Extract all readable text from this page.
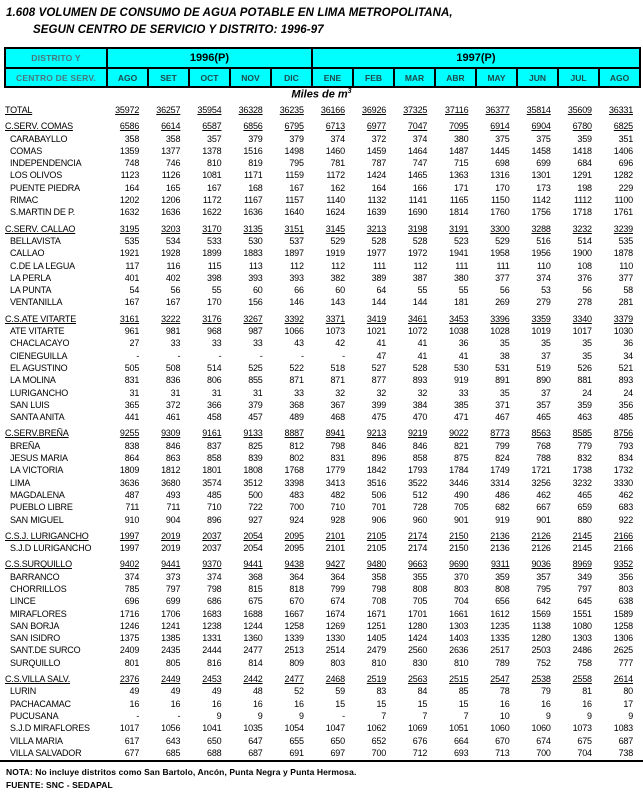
1.608 VOLUMEN DE CONSUMO DE AGUA POTABLE EN LIMA METROPOLITANA,
SEGUN CENTRO DE SERVICIO Y DISTRITO: 1996-97
DISTRITO Y	1996(P)	1997(P)
CENTRO DE SERV.	AGO	SET	OCT	NOV	DIC	ENE	FEB	MAR	ABR	MAY	JUN	JUL	AGO
Miles de $m^3$
TOTAL	35972	36257	35954	36328	36235	36166	36926	37325	37116	36377	35814	35609	36331
C.SERV. COMAS	6586	6614	6587	6856	6795	6713	6977	7047	7095	6914	6904	6780	6825
CARABAYLLO	358	358	357	379	379	374	372	374	380	375	375	359	351
COMAS	1359	1377	1378	1516	1498	1460	1459	1464	1487	1445	1458	1418	1406
INDEPENDENCIA	748	746	810	819	795	781	787	747	715	698	699	684	696
LOS OLIVOS	1123	1126	1081	1171	1159	1172	1424	1465	1363	1316	1301	1291	1282
PUENTE PIEDRA	164	165	167	168	167	162	164	166	171	170	173	198	229
RIMAC	1202	1206	1172	1167	1157	1140	1132	1141	1165	1150	1142	1112	1100
S.MARTIN DE P.	1632	1636	1622	1636	1640	1624	1639	1690	1814	1760	1756	1718	1761
C.SERV. CALLAO	3195	3203	3170	3135	3151	3145	3213	3198	3191	3300	3288	3232	3239
BELLAVISTA	535	534	533	530	537	529	528	528	523	529	516	514	535
CALLAO	1921	1928	1899	1883	1897	1919	1977	1972	1941	1958	1956	1900	1878
C.DE LA LEGUA	117	116	115	113	112	112	111	112	111	111	110	108	110
LA PERLA	401	402	398	393	393	382	389	387	380	377	374	376	377
LA PUNTA	54	56	55	60	66	60	64	55	55	56	53	56	58
VENTANILLA	167	167	170	156	146	143	144	144	181	269	279	278	281
C.S.ATE VITARTE	3161	3222	3176	3267	3392	3371	3419	3461	3453	3396	3359	3340	3379
ATE VITARTE	961	981	968	987	1066	1073	1021	1072	1038	1028	1019	1017	1030
CHACLACAYO	27	33	33	33	43	42	41	41	36	35	35	35	36
CIENEGUILLA	-	-	-	-	-	-	47	41	41	38	37	35	34
EL AGUSTINO	505	508	514	525	522	518	527	528	530	531	519	526	521
LA MOLINA	831	836	806	855	871	871	877	893	919	891	890	881	893
LURIGANCHO	31	31	31	31	33	32	32	32	33	35	37	24	24
SAN LUIS	365	372	366	379	368	367	399	384	385	371	357	359	356
SANTA ANITA	441	461	458	457	489	468	475	470	471	467	465	463	485
C.SERV.BREÑA	9255	9309	9161	9133	8887	8941	9213	9219	9022	8773	8563	8585	8756
BREÑA	838	846	837	825	812	798	846	846	821	799	768	779	793
JESUS MARIA	864	863	858	839	802	831	896	858	875	824	788	832	834
LA VICTORIA	1809	1812	1801	1808	1768	1779	1842	1793	1784	1749	1721	1738	1732
LIMA	3636	3680	3574	3512	3398	3413	3516	3522	3446	3314	3256	3232	3330
MAGDALENA	487	493	485	500	483	482	506	512	490	486	462	465	462
PUEBLO LIBRE	711	711	710	722	700	710	701	728	705	682	667	659	683
SAN MIGUEL	910	904	896	927	924	928	906	960	901	919	901	880	922
C.S.J. LURIGANCHO	1997	2019	2037	2054	2095	2101	2105	2174	2150	2136	2126	2145	2166
S.J.D LURIGANCHO	1997	2019	2037	2054	2095	2101	2105	2174	2150	2136	2126	2145	2166
C.S.SURQUILLO	9402	9441	9370	9441	9438	9427	9480	9663	9690	9311	9036	8969	9352
BARRANCO	374	373	374	368	364	364	358	355	370	359	357	349	356
CHORRILLOS	785	797	798	815	818	799	798	808	803	808	795	797	803
LINCE	696	699	686	675	670	674	708	705	704	656	642	645	638
MIRAFLORES	1716	1706	1683	1688	1667	1674	1671	1701	1661	1612	1569	1551	1589
SAN BORJA	1246	1241	1238	1244	1258	1269	1251	1280	1303	1235	1138	1080	1258
SAN ISIDRO	1375	1385	1331	1360	1339	1330	1405	1424	1403	1335	1280	1303	1306
SANT.DE SURCO	2409	2435	2444	2477	2513	2514	2479	2560	2636	2517	2503	2486	2625
SURQUILLO	801	805	816	814	809	803	810	830	810	789	752	758	777
C.S.VILLA SALV.	2376	2449	2453	2442	2477	2468	2519	2563	2515	2547	2538	2558	2614
LURIN	49	49	49	48	52	59	83	84	85	78	79	81	80
PACHACAMAC	16	16	16	16	16	15	15	15	15	16	16	16	17
PUCUSANA	-	-	9	9	9	-	7	7	7	10	9	9	9
S.J.D MIRAFLORES	1017	1056	1041	1035	1054	1047	1062	1069	1051	1060	1060	1073	1083
VILLA MARIA	617	643	650	647	655	650	652	676	664	670	674	675	687
VILLA SALVADOR	677	685	688	687	691	697	700	712	693	713	700	704	738
NOTA: No incluye distritos como San Bartolo, Ancón, Punta Negra y Punta Hermosa.
FUENTE: SNC - SEDAPAL
